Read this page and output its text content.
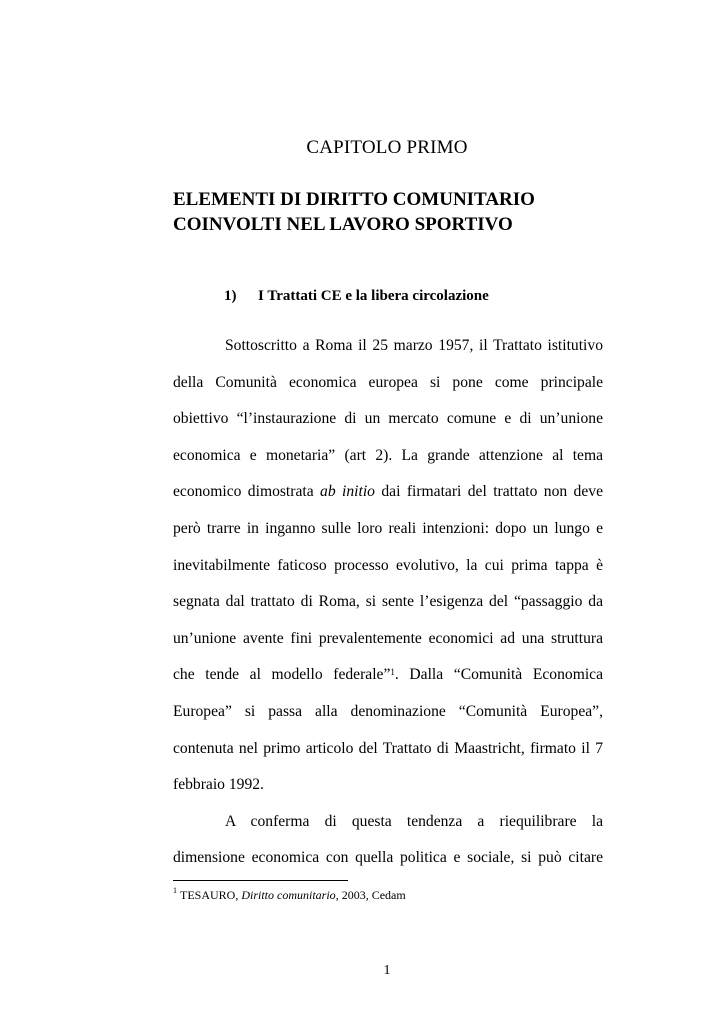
CAPITOLO PRIMO
ELEMENTI DI DIRITTO COMUNITARIO
COINVOLTI NEL LAVORO SPORTIVO
1) I Trattati CE e la libera circolazione
Sottoscritto a Roma il 25 marzo 1957, il Trattato istitutivo
della Comunità economica europea si pone come principale
obiettivo “l’instaurazione di un mercato comune e di un’unione
economica e monetaria” (art 2). La grande attenzione al tema
economico dimostrata ab initio dai firmatari del trattato non deve
però trarre in inganno sulle loro reali intenzioni: dopo un lungo e
inevitabilmente faticoso processo evolutivo, la cui prima tappa è
segnata dal trattato di Roma, si sente l’esigenza del “passaggio da
un’unione avente fini prevalentemente economici ad una struttura
che tende al modello federale”$^1$. Dalla “Comunità Economica
Europea” si passa alla denominazione “Comunità Europea”,
contenuta nel primo articolo del Trattato di Maastricht, firmato il 7
febbraio 1992.
A conferma di questa tendenza a riequilibrare la
dimensione economica con quella politica e sociale, si può citare
$^1$ TESAURO, Diritto comunitario, 2003, Cedam
1
